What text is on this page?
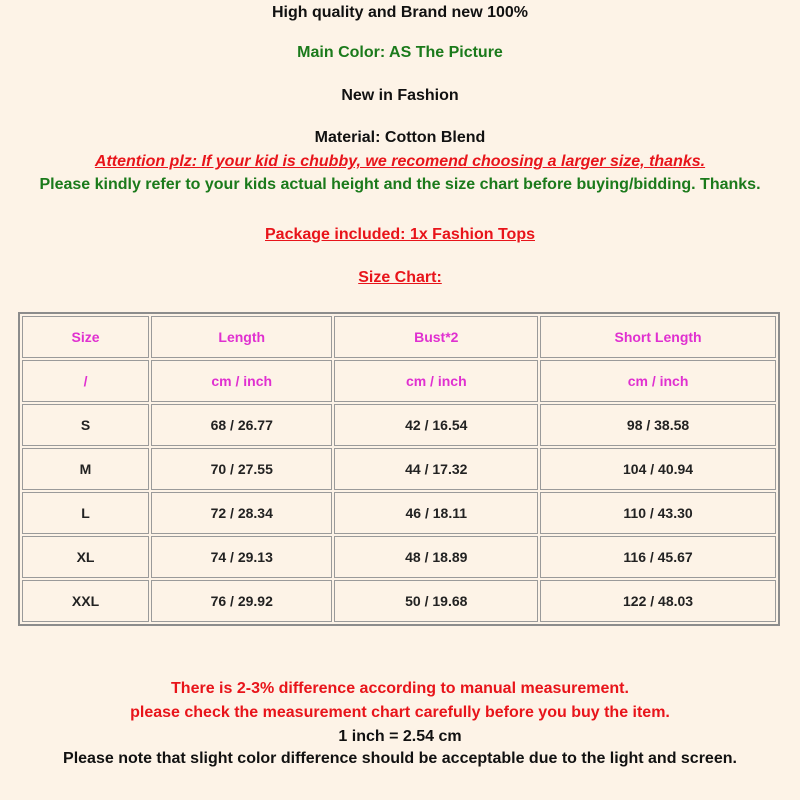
High quality and Brand new 100%
Main Color: AS The Picture
New in Fashion
Material: Cotton Blend
Attention plz: If your kid is chubby, we recomend choosing a larger size, thanks.
Please kindly refer to your kids actual height and the size chart before buying/bidding. Thanks.
Package included: 1x Fashion Tops
Size Chart:
Size	Length	Bust*2	Short Length
/	cm / inch	cm / inch	cm / inch
S	68 / 26.77	42 / 16.54	98 / 38.58
M	70 / 27.55	44 / 17.32	104 / 40.94
L	72 / 28.34	46 / 18.11	110 / 43.30
XL	74 / 29.13	48 / 18.89	116 / 45.67
XXL	76 / 29.92	50 / 19.68	122 / 48.03
There is 2-3% difference according to manual measurement.
please check the measurement chart carefully before you buy the item.
1 inch = 2.54 cm
Please note that slight color difference should be acceptable due to the light and screen.
